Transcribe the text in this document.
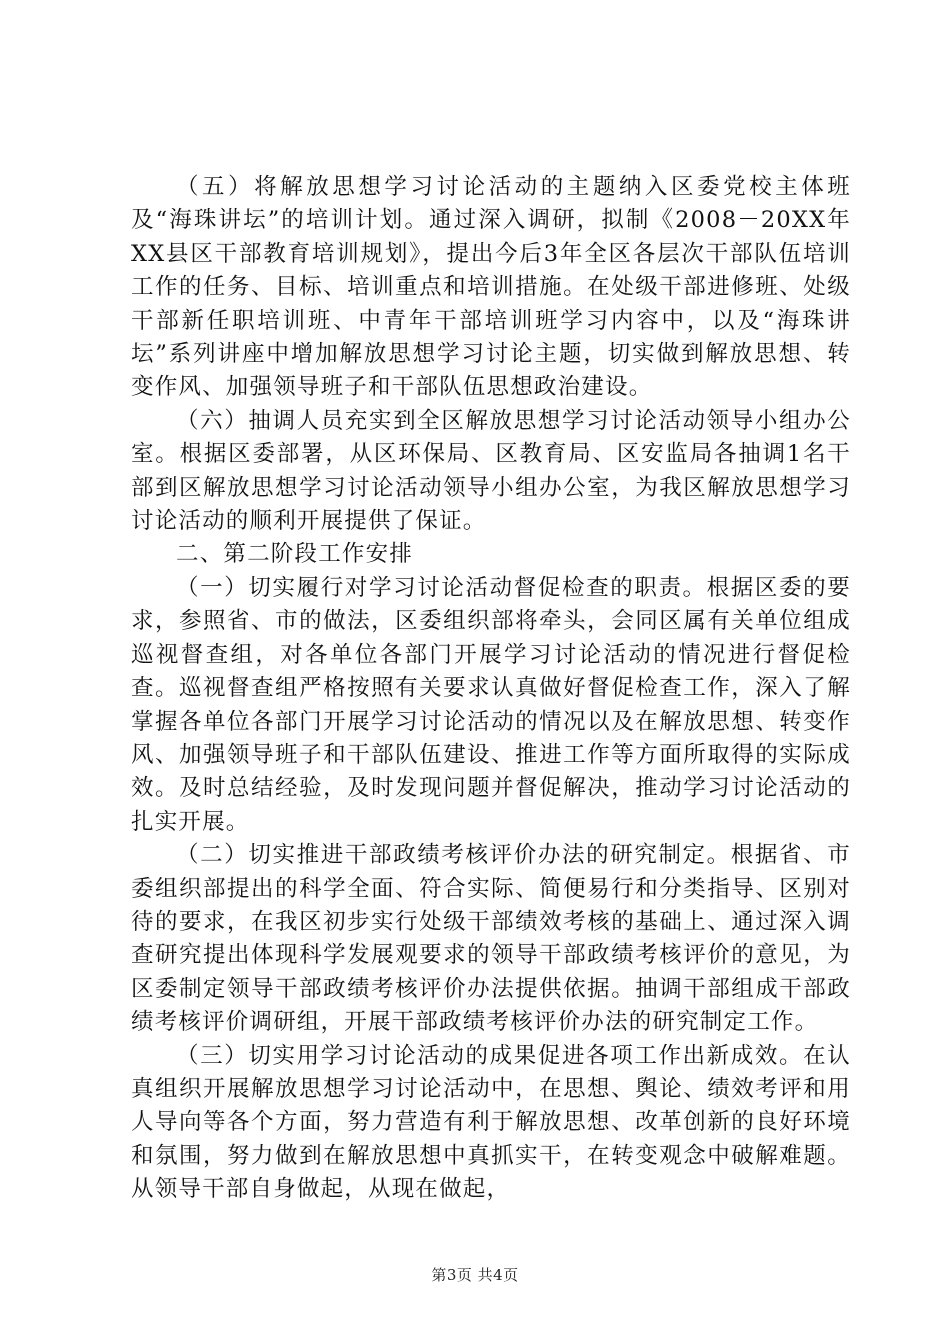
（五）将解放思想学习讨论活动的主题纳入区委党校主体班及“海珠讲坛”的培训计划。通过深入调研，拟制《2008－20XX年XX县区干部教育培训规划》，提出今后3年全区各层次干部队伍培训工作的任务、目标、培训重点和培训措施。在处级干部进修班、处级干部新任职培训班、中青年干部培训班学习内容中，以及“海珠讲坛”系列讲座中增加解放思想学习讨论主题，切实做到解放思想、转变作风、加强领导班子和干部队伍思想政治建设。

（六）抽调人员充实到全区解放思想学习讨论活动领导小组办公室。根据区委部署，从区环保局、区教育局、区安监局各抽调1名干部到区解放思想学习讨论活动领导小组办公室，为我区解放思想学习讨论活动的顺利开展提供了保证。

二、第二阶段工作安排

（一）切实履行对学习讨论活动督促检查的职责。根据区委的要求，参照省、市的做法，区委组织部将牵头，会同区属有关单位组成巡视督查组，对各单位各部门开展学习讨论活动的情况进行督促检查。巡视督查组严格按照有关要求认真做好督促检查工作，深入了解掌握各单位各部门开展学习讨论活动的情况以及在解放思想、转变作风、加强领导班子和干部队伍建设、推进工作等方面所取得的实际成效。及时总结经验，及时发现问题并督促解决，推动学习讨论活动的扎实开展。

（二）切实推进干部政绩考核评价办法的研究制定。根据省、市委组织部提出的科学全面、符合实际、简便易行和分类指导、区别对待的要求，在我区初步实行处级干部绩效考核的基础上、通过深入调查研究提出体现科学发展观要求的领导干部政绩考核评价的意见，为区委制定领导干部政绩考核评价办法提供依据。抽调干部组成干部政绩考核评价调研组，开展干部政绩考核评价办法的研究制定工作。

（三）切实用学习讨论活动的成果促进各项工作出新成效。在认真组织开展解放思想学习讨论活动中，在思想、舆论、绩效考评和用人导向等各个方面，努力营造有利于解放思想、改革创新的良好环境和氛围，努力做到在解放思想中真抓实干，在转变观念中破解难题。从领导干部自身做起，从现在做起，

第3页 共4页
